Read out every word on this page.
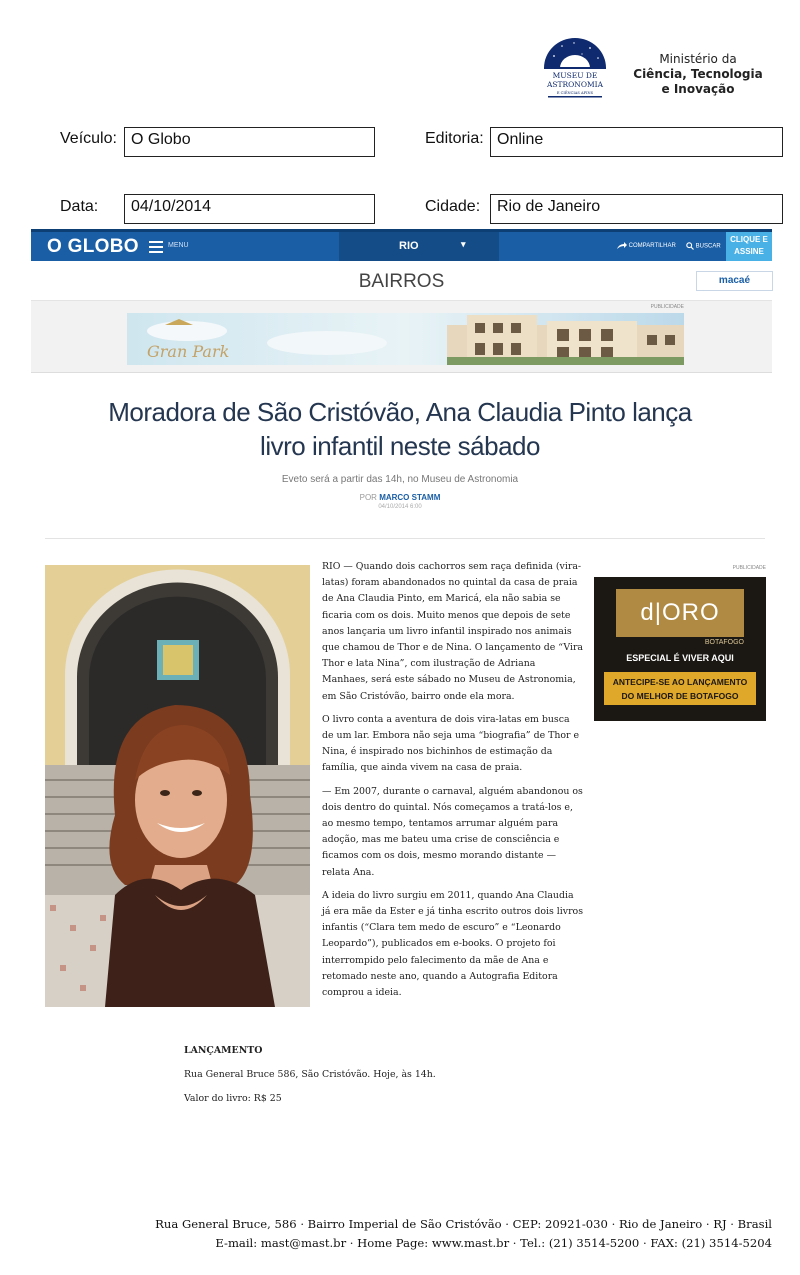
MUSEU DE
ASTRONOMIA
E CIÊNCIAS AFINS
Ministério da
Ciência, Tecnologia
e Inovação
Veículo: O Globo	Editoria: Online
Data:	04/10/2014	Cidade:	Rio de Janeiro
O GLOBO	MENU	RIO	▾	COMPARTILHAR	BUSCAR
CLIQUE E
ASSINE
BAIRROS	macaé
PUBLICIDADE
Gran Park
Moradora de São Cristóvão, Ana Claudia Pinto lança livro infantil neste sábado
Eveto será a partir das 14h, no Museu de Astronomia
POR MARCO STAMM
04/10/2014 6:00

RIO — Quando dois cachorros sem raça definida (vira-latas) foram abandonados no quintal da casa de praia de Ana Claudia Pinto, em Maricá, ela não sabia se ficaria com os dois. Muito menos que depois de sete anos lançaria um livro infantil inspirado nos animais que chamou de Thor e de Nina. O lançamento de “Vira Thor e lata Nina”, com ilustração de Adriana Manhaes, será este sábado no Museu de Astronomia, em São Cristóvão, bairro onde ela mora.

O livro conta a aventura de dois vira-latas em busca de um lar. Embora não seja uma “biografia” de Thor e Nina, é inspirado nos bichinhos de estimação da família, que ainda vivem na casa de praia.

— Em 2007, durante o carnaval, alguém abandonou os dois dentro do quintal. Nós começamos a tratá-los e, ao mesmo tempo, tentamos arrumar alguém para adoção, mas me bateu uma crise de consciência e ficamos com os dois, mesmo morando distante — relata Ana.

A ideia do livro surgiu em 2011, quando Ana Claudia já era mãe da Ester e já tinha escrito outros dois livros infantis (“Clara tem medo de escuro” e “Leonardo Leopardo”), publicados em e-books. O projeto foi interrompido pelo falecimento da mãe de Ana e retomado neste ano, quando a Autografia Editora comprou a ideia.

LANÇAMENTO
Rua General Bruce 586, São Cristóvão. Hoje, às 14h.
Valor do livro: R$ 25
PUBLICIDADE
d|ORO
BOTAFOGO
ESPECIAL É VIVER AQUI
ANTECIPE-SE AO LANÇAMENTO
DO MELHOR DE BOTAFOGO
Rua General Bruce, 586 · Bairro Imperial de São Cristóvão · CEP: 20921-030 · Rio de Janeiro · RJ · Brasil
E-mail: mast@mast.br · Home Page: www.mast.br · Tel.: (21) 3514-5200 · FAX: (21) 3514-5204
